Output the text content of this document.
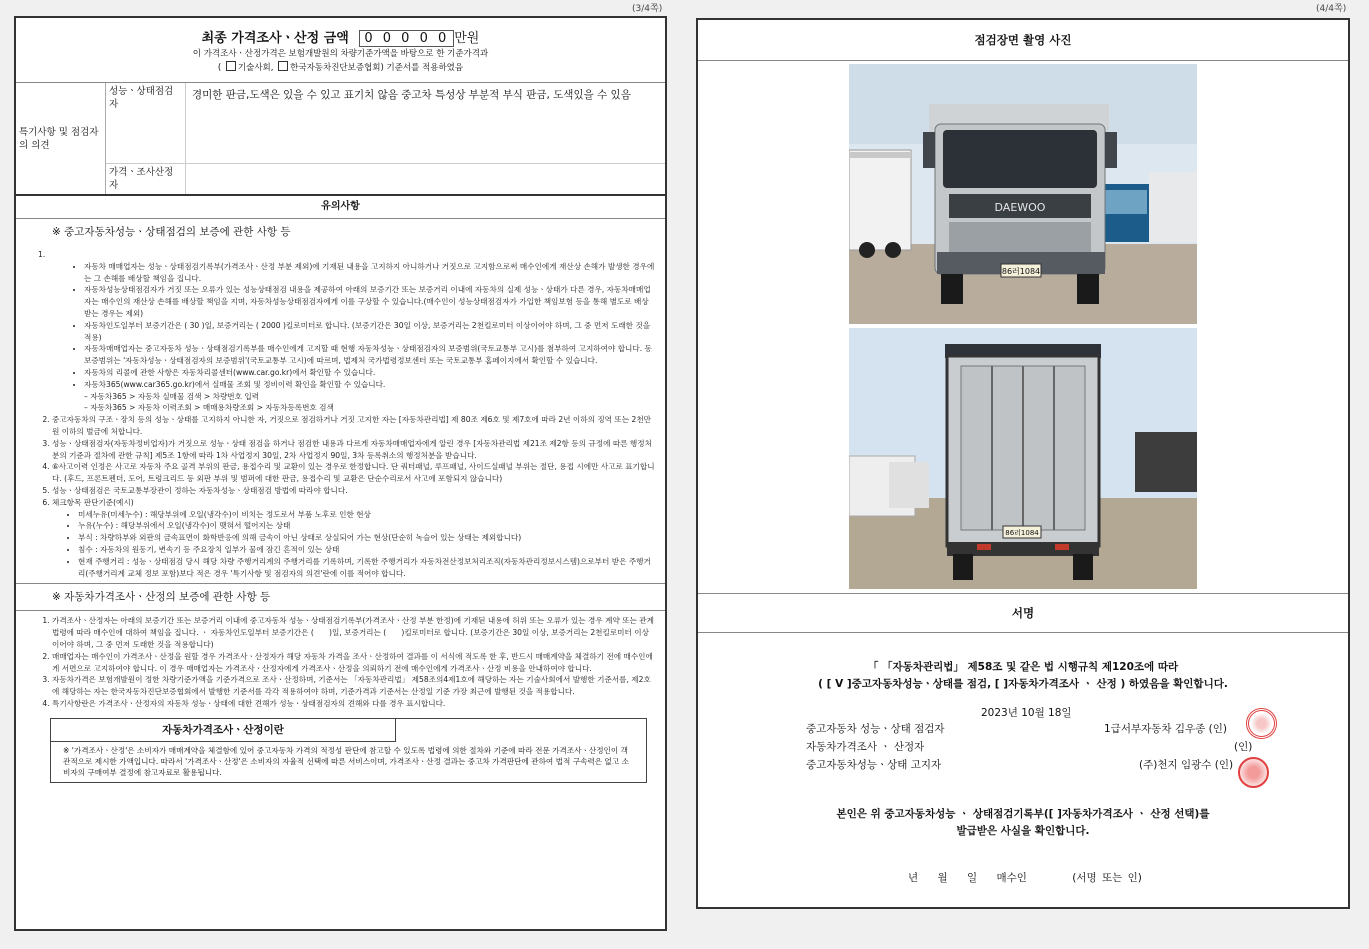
(3/4쪽)	(4/4쪽)
최종 가격조사ㆍ산정 금액 0 0 0 0 0 만원
이 가격조사ㆍ산정가격은 보험개발원의 차량기준가액을 바탕으로 한 기준가격과
( 기술사회, 한국자동차진단보증협회) 기준서를 적용하였음
특기사항 및 점검자의 의견
성능ㆍ상태점검자
경미한 판금,도색은 있을 수 있고 표기치 않음 중고차 특성상 부분적 부식 판금, 도색있을 수 있음
가격ㆍ조사산정자
유의사항
※ 중고자동차성능ㆍ상태점검의 보증에 관한 사항 등

1.

• 자동차 매매업자는 성능ㆍ상태점검기록부(가격조사ㆍ산정 부분 제외)에 기재된 내용을 고지하지 아니하거나 거짓으로 고지함으로써 매수인에게 재산상 손해가 발생한 경우에는 그 손해를 배상할 책임을 집니다.
• 자동차성능상태점검자가 거짓 또는 오류가 있는 성능상태점검 내용을 제공하여 아래의 보증기간 또는 보증거리 이내에 자동차의 실제 성능ㆍ상태가 다른 경우, 자동차매매업자는 매수인의 재산상 손해를 배상할 책임을 지며, 자동차성능상태점검자에게 이를 구상할 수 있습니다.(매수인이 성능상태점검자가 가입한 책임보험 등을 통해 별도로 배상받는 경우는 제외)
• 자동차인도일부터 보증기간은 ( 30 )일, 보증거리는 ( 2000 )킬로미터로 합니다. (보증기간은 30일 이상, 보증거리는 2천킬로미터 이상이어야 하며, 그 중 먼저 도래한 것을 적용)
• 자동차매매업자는 중고자동차 성능ㆍ상태점검기록부를 매수인에게 고지할 때 현행 자동차성능ㆍ상태점검자의 보증범위(국토교통부 고시)를 첨부하여 고지하여야 합니다. 동 보증범위는 '자동차성능ㆍ상태점검자의 보증범위'(국토교통부 고시)에 따르며, 법제처 국가법령정보센터 또는 국토교통부 홈페이지에서 확인할 수 있습니다.
• 자동차의 리콜에 관한 사항은 자동차리콜센터(www.car.go.kr)에서 확인할 수 있습니다.
• 자동차365(www.car365.go.kr)에서 실매물 조회 및 정비이력 확인을 확인할 수 있습니다.

– 자동차365 > 자동차 실매물 검색 > 차량번호 입력

– 자동차365 > 자동차 이력조회 > 매매용차량조회 > 자동차등록번호 검색

2. 중고자동차의 구조ㆍ장치 등의 성능ㆍ상태를 고지하지 아니한 자, 거짓으로 점검하거나 거짓 고지한 자는 [자동차관리법] 제 80조 제6호 및 제7호에 따라 2년 이하의 징역 또는 2천만원 이하의 벌금에 처합니다.
3. 성능ㆍ상태점검자(자동차정비업자)가 거짓으로 성능ㆍ상태 점검을 하거나 점검한 내용과 다르게 자동차매매업자에게 알린 경우 [자동차관리법 제21조 제2항 등의 규정에 따른 행정처분의 기준과 절차에 관한 규칙] 제5조 1항에 따라 1차 사업정지 30일, 2차 사업정지 90일, 3차 등록취소의 행정처분을 받습니다.
4. ⑥사고이력 인정은 사고로 자동차 주요 골격 부위의 판금, 용접수리 및 교환이 있는 경우로 한정합니다. 단 쿼터패널, 루프패널, 사이드실패널 부위는 절단, 용접 시에만 사고로 표기합니다. (후드, 프론트펜더, 도어, 트렁크리드 등 외판 부위 및 범퍼에 대한 판금, 용접수리 및 교환은 단순수리로서 사고에 포함되지 않습니다)
5. 성능ㆍ상태점검은 국토교통부장관이 정하는 자동차성능ㆍ상태점검 방법에 따라야 합니다.
6. 체크항목 판단기준(예시)
• 미세누유(미세누수) : 해당부위에 오일(냉각수)이 비치는 정도로서 부품 노후로 인한 현상
• 누유(누수) : 해당부위에서 오일(냉각수)이 맺혀서 떨어지는 상태
• 부식 : 차량하부와 외판의 금속표면이 화학반응에 의해 금속이 아닌 상태로 상실되어 가는 현상(단순히 녹슬어 있는 상태는 제외합니다)
• 침수 : 자동차의 원동기, 변속기 등 주요장치 일부가 물에 잠긴 흔적이 있는 상태
• 현재 주행거리 : 성능ㆍ상태점검 당시 해당 차량 주행거리계의 주행거리를 기록하며, 기록한 주행거리가 자동차전산정보처리조직(자동차관리정보시스템)으로부터 받은 주행거리(주행거리계 교체 정보 포함)보다 적은 경우 '특기사항 및 점검자의 의견'란에 이를 적어야 합니다.
※ 자동차가격조사ㆍ산정의 보증에 관한 사항 등
1. 가격조사ㆍ산정자는 아래의 보증기간 또는 보증거리 이내에 중고자동차 성능ㆍ상태점검기록부(가격조사ㆍ산정 부분 한정)에 기재된 내용에 허위 또는 오류가 있는 경우 계약 또는 관계법령에 따라 매수인에 대하여 책임을 집니다. ㆍ 자동차인도일부터 보증기간은 (　　)일, 보증거리는 (　　)킬로미터로 합니다. (보증기간은 30일 이상, 보증거리는 2천킬로미터 이상이어야 하며, 그 중 먼저 도래한 것을 적용합니다)
2. 매매업자는 매수인이 가격조사ㆍ산정을 원할 경우 가격조사ㆍ산정자가 해당 자동차 가격을 조사ㆍ산정하여 결과를 이 서식에 적도록 한 후, 반드시 매매계약을 체결하기 전에 매수인에게 서면으로 고지하여야 합니다. 이 경우 매매업자는 가격조사ㆍ산정자에게 가격조사ㆍ산정을 의뢰하기 전에 매수인에게 가격조사ㆍ산정 비용을 안내하여야 합니다.
3. 자동차가격은 보험개발원이 정한 차량기준가액을 기준가격으로 조사ㆍ산정하며, 기준서는 「자동차관리법」 제58조의4제1호에 해당하는 자는 기술사회에서 발행한 기준서를, 제2호에 해당하는 자는 한국자동차진단보증협회에서 발행한 기준서를 각각 적용하여야 하며, 기준가격과 기준서는 산정일 기준 가장 최근에 발행된 것을 적용합니다.
4. 특기사항란은 가격조사ㆍ산정자의 자동차 성능ㆍ상태에 대한 견해가 성능ㆍ상태점검자의 견해와 다를 경우 표시합니다.
자동차가격조사ㆍ산정이란
※ '가격조사ㆍ산정'은 소비자가 매매계약을 체결함에 있어 중고자동차 가격의 적정성 판단에 참고할 수 있도록 법령에 의한 절차와 기준에 따라 전문 가격조사ㆍ산정인이 객관적으로 제시한 가액입니다. 따라서 '가격조사ㆍ산정'은 소비자의 자율적 선택에 따른 서비스이며, 가격조사ㆍ산정 결과는 중고차 가격판단에 관하여 법적 구속력은 없고 소비자의 구매여부 결정에 참고자료로 활용됩니다.
점검장면 촬영 사진
DAEWOO
86러1084
86러1084
서명
「 「자동차관리법」 제58조 및 같은 법 시행규칙 제120조에 따라
( [ V ]중고자동차성능ㆍ상태를 점검, [ ]자동차가격조사 ㆍ 산정 ) 하였음을 확인합니다.
2023년 10월 18일
중고자동차 성능ㆍ상태 점검자	1급서부자동차 김우종 (인)
자동차가격조사 ㆍ 산정자	(인)
중고자동차성능ㆍ상태 고지자	(주)천지 임광수 (인)
본인은 위 중고자동차성능 ㆍ 상태점검기록부([ ]자동차가격조사 ㆍ 산정 선택)를
발급받은 사실을 확인합니다.
년 월 일 매수인	(서명 또는 인)
